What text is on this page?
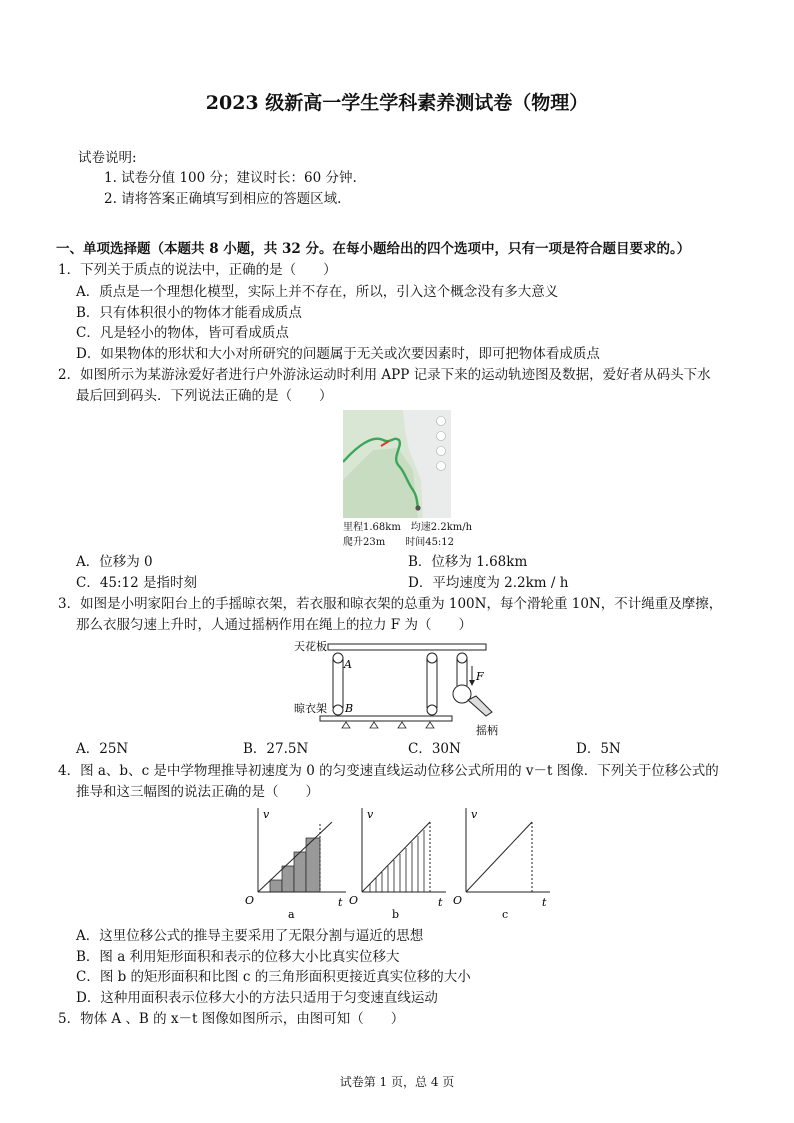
2023 级新高一学生学科素养测试卷（物理）
试卷说明:
1. 试卷分值 100 分；建议时长：60 分钟.
2. 请将答案正确填写到相应的答题区域.
一、单项选择题（本题共 8 小题，共 32 分。在每小题给出的四个选项中，只有一项是符合题目要求的。）
1．下列关于质点的说法中，正确的是（　　）
A．质点是一个理想化模型，实际上并不存在，所以，引入这个概念没有多大意义
B．只有体积很小的物体才能看成质点
C．凡是轻小的物体，皆可看成质点
D．如果物体的形状和大小对所研究的问题属于无关或次要因素时，即可把物体看成质点
2．如图所示为某游泳爱好者进行户外游泳运动时利用 APP 记录下来的运动轨迹图及数据，爱好者从码头下水
最后回到码头．下列说法正确的是（　　）
里程1.68km　均速2.2km/h
爬升23m　　时间45:12
A．位移为 0	B．位移为 1.68km
C．45:12 是指时刻	D．平均速度为 2.2km / h
3．如图是小明家阳台上的手摇晾衣架，若衣服和晾衣架的总重为 100N，每个滑轮重 10N，不计绳重及摩擦，
那么衣服匀速上升时，人通过摇柄作用在绳上的拉力 F 为（　　）
天花板
A
B
晾衣架
F
摇柄
A．25N	B．27.5N	C．30N	D．5N
4．图 a、b、c 是中学物理推导初速度为 0 的匀变速直线运动位移公式所用的 v－t 图像．下列关于位移公式的
推导和这三幅图的说法正确的是（　　）
v
t
O
a
v
t
O
b
v
t
O
c
A．这里位移公式的推导主要采用了无限分割与逼近的思想
B．图 a 利用矩形面积和表示的位移大小比真实位移大
C．图 b 的矩形面积和比图 c 的三角形面积更接近真实位移的大小
D．这种用面积表示位移大小的方法只适用于匀变速直线运动
5．物体 A 、B 的 x－t 图像如图所示，由图可知（　　）
试卷第 1 页，总 4 页
